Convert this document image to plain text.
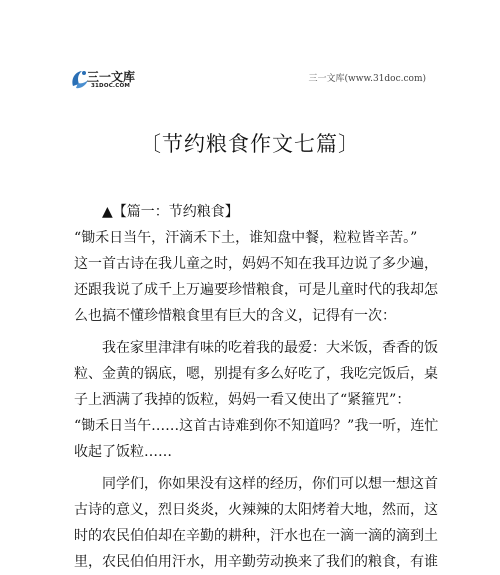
三一文库
31DOC.COM
三一文库(www.31doc.com)
〔节约粮食作文七篇〕
▲【篇一：节约粮食】

“锄禾日当午，汗滴禾下土，谁知盘中餐，粒粒皆辛苦。”
这一首古诗在我儿童之时，妈妈不知在我耳边说了多少遍，
还跟我说了成千上万遍要珍惜粮食，可是儿童时代的我却怎
么也搞不懂珍惜粮食里有巨大的含义，记得有一次：

我在家里津津有味的吃着我的最爱：大米饭，香香的饭
粒、金黄的锅底，嗯，别提有多么好吃了，我吃完饭后，桌
子上洒满了我掉的饭粒，妈妈一看又使出了“紧箍咒”：
“锄禾日当午……这首古诗难到你不知道吗？”我一听，连忙
收起了饭粒……

同学们，你如果没有这样的经历，你们可以想一想这首
古诗的意义，烈日炎炎，火辣辣的太阳烤着大地，然而，这
时的农民伯伯却在辛勤的耕种，汗水也在一滴一滴的滴到土
里，农民伯伯用汗水，用辛勤劳动换来了我们的粮食，有谁
